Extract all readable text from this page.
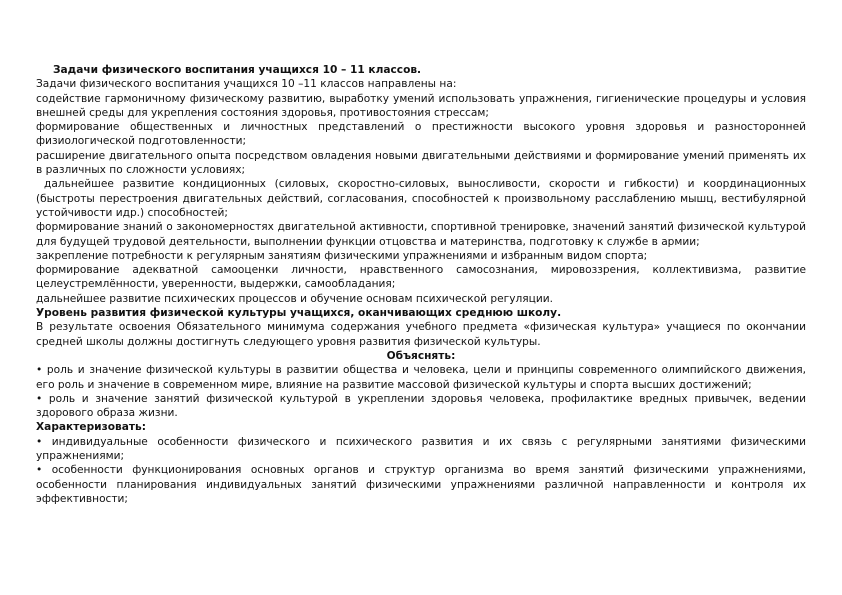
Задачи физического воспитания учащихся 10 – 11 классов.

Задачи физического воспитания учащихся 10 –11 классов направлены на:

содействие гармоничному физическому развитию, выработку умений использовать упражнения, гигиенические процедуры и условия внешней среды для укрепления состояния здоровья, противостояния стрессам;

формирование общественных и личностных представлений о престижности высокого уровня здоровья и разносторонней физиологической подготовленности;

расширение двигательного опыта посредством овладения новыми двигательными действиями и формирование умений применять их в различных по сложности условиях;

дальнейшее развитие кондиционных (силовых, скоростно-силовых, выносливости, скорости и гибкости) и координационных (быстроты перестроения двигательных действий, согласования, способностей к произвольному расслаблению мышц, вестибулярной устойчивости идр.) способностей;

формирование знаний о закономерностях двигательной активности, спортивной тренировке, значений занятий физической культурой для будущей трудовой деятельности, выполнении функции отцовства и материнства, подготовку к службе в армии;

закрепление потребности к регулярным занятиям физическими упражнениями и избранным видом спорта;

формирование адекватной самооценки личности, нравственного самосознания, мировоззрения, коллективизма, развитие целеустремлённости, уверенности, выдержки, самообладания;

дальнейшее развитие психических процессов и обучение основам психической регуляции.

Уровень развития физической культуры учащихся, оканчивающих среднюю школу.

В результате освоения Обязательного минимума содержания учебного предмета «физическая культура» учащиеся по окончании средней школы должны достигнуть следующего уровня развития физической культуры.

Объяснять:

• роль и значение физической культуры в развитии общества и человека, цели и принципы современного олимпийского движения, его роль и значение в современном мире, влияние на развитие массовой физической культуры и спорта высших достижений;

• роль и значение занятий физической культурой в укреплении здоровья человека, профилактике вредных привычек, ведении здорового образа жизни.

Характеризовать:

• индивидуальные особенности физического и психического развития и их связь с регулярными занятиями физическими упражнениями;

• особенности функционирования основных органов и структур организма во время занятий физическими упражнениями, особенности планирования индивидуальных занятий физическими упражнениями различной направленности и контроля их эффективности;
